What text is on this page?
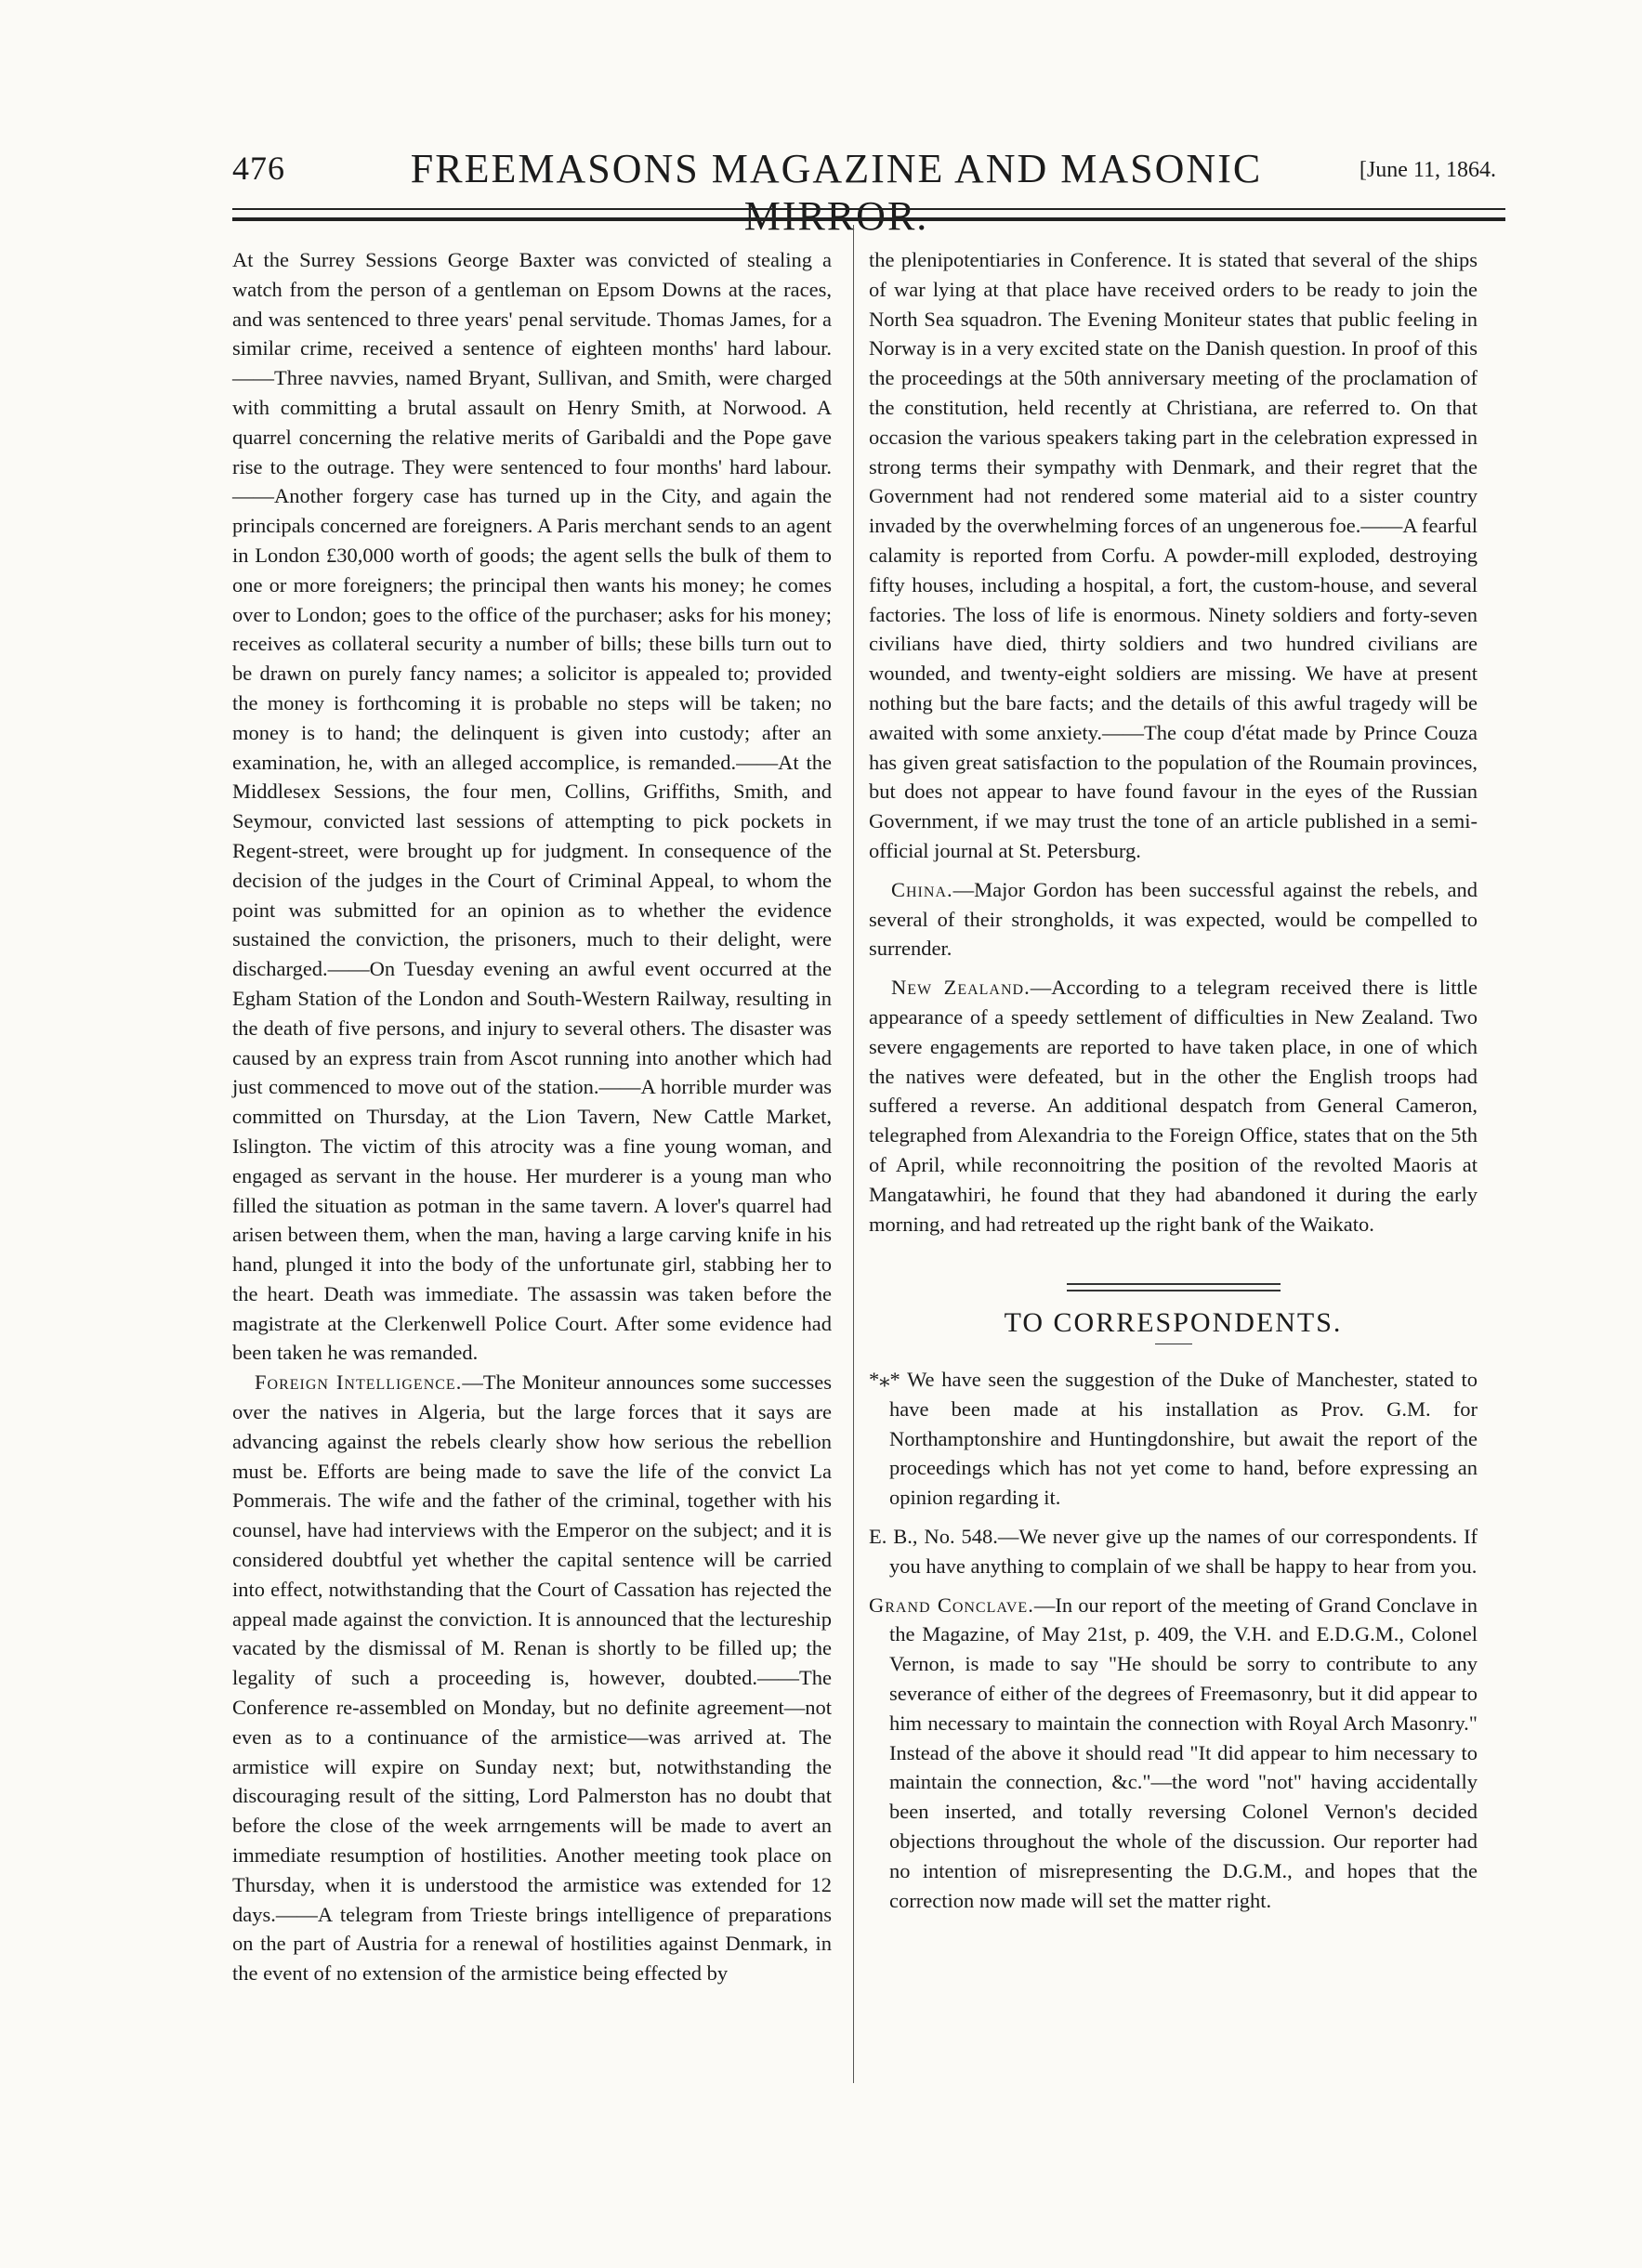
476	FREEMASONS MAGAZINE AND MASONIC MIRROR.
[June 11, 1864.

At the Surrey Sessions George Baxter was convicted of stealing a watch from the person of a gentleman on Epsom Downs at the races, and was sentenced to three years' penal servitude. Thomas James, for a similar crime, received a sentence of eighteen months' hard labour.——Three navvies, named Bryant, Sullivan, and Smith, were charged with committing a brutal assault on Henry Smith, at Norwood. A quarrel concerning the relative merits of Garibaldi and the Pope gave rise to the outrage. They were sentenced to four months' hard labour.——Another forgery case has turned up in the City, and again the principals concerned are foreigners. A Paris merchant sends to an agent in London £30,000 worth of goods; the agent sells the bulk of them to one or more foreigners; the principal then wants his money; he comes over to London; goes to the office of the purchaser; asks for his money; receives as collateral security a number of bills; these bills turn out to be drawn on purely fancy names; a solicitor is appealed to; provided the money is forthcoming it is probable no steps will be taken; no money is to hand; the delinquent is given into custody; after an examination, he, with an alleged accomplice, is remanded.——At the Middlesex Sessions, the four men, Collins, Griffiths, Smith, and Seymour, convicted last sessions of attempting to pick pockets in Regent-street, were brought up for judgment. In consequence of the decision of the judges in the Court of Criminal Appeal, to whom the point was submitted for an opinion as to whether the evidence sustained the conviction, the prisoners, much to their delight, were discharged.——On Tuesday evening an awful event occurred at the Egham Station of the London and South-Western Railway, resulting in the death of five persons, and injury to several others. The disaster was caused by an express train from Ascot running into another which had just commenced to move out of the station.——A horrible murder was committed on Thursday, at the Lion Tavern, New Cattle Market, Islington. The victim of this atrocity was a fine young woman, and engaged as servant in the house. Her murderer is a young man who filled the situation as potman in the same tavern. A lover's quarrel had arisen between them, when the man, having a large carving knife in his hand, plunged it into the body of the unfortunate girl, stabbing her to the heart. Death was immediate. The assassin was taken before the magistrate at the Clerkenwell Police Court. After some evidence had been taken he was remanded.

Foreign Intelligence.—The Moniteur announces some successes over the natives in Algeria, but the large forces that it says are advancing against the rebels clearly show how serious the rebellion must be. Efforts are being made to save the life of the convict La Pommerais. The wife and the father of the criminal, together with his counsel, have had interviews with the Emperor on the subject; and it is considered doubtful yet whether the capital sentence will be carried into effect, notwithstanding that the Court of Cassation has rejected the appeal made against the conviction. It is announced that the lectureship vacated by the dismissal of M. Renan is shortly to be filled up; the legality of such a proceeding is, however, doubted.——The Conference re-assembled on Monday, but no definite agreement—not even as to a continuance of the armistice—was arrived at. The armistice will expire on Sunday next; but, notwithstanding the discouraging result of the sitting, Lord Palmerston has no doubt that before the close of the week arrngements will be made to avert an immediate resumption of hostilities. Another meeting took place on Thursday, when it is understood the armistice was extended for 12 days.——A telegram from Trieste brings intelligence of preparations on the part of Austria for a renewal of hostilities against Denmark, in the event of no extension of the armistice being effected by

the plenipotentiaries in Conference. It is stated that several of the ships of war lying at that place have received orders to be ready to join the North Sea squadron. The Evening Moniteur states that public feeling in Norway is in a very excited state on the Danish question. In proof of this the proceedings at the 50th anniversary meeting of the proclamation of the constitution, held recently at Christiana, are referred to. On that occasion the various speakers taking part in the celebration expressed in strong terms their sympathy with Denmark, and their regret that the Government had not rendered some material aid to a sister country invaded by the overwhelming forces of an ungenerous foe.——A fearful calamity is reported from Corfu. A powder-mill exploded, destroying fifty houses, including a hospital, a fort, the custom-house, and several factories. The loss of life is enormous. Ninety soldiers and forty-seven civilians have died, thirty soldiers and two hundred civilians are wounded, and twenty-eight soldiers are missing. We have at present nothing but the bare facts; and the details of this awful tragedy will be awaited with some anxiety.——The coup d'état made by Prince Couza has given great satisfaction to the population of the Roumain provinces, but does not appear to have found favour in the eyes of the Russian Government, if we may trust the tone of an article published in a semi-official journal at St. Petersburg.

China.—Major Gordon has been successful against the rebels, and several of their strongholds, it was expected, would be compelled to surrender.

New Zealand.—According to a telegram received there is little appearance of a speedy settlement of difficulties in New Zealand. Two severe engagements are reported to have taken place, in one of which the natives were defeated, but in the other the English troops had suffered a reverse. An additional despatch from General Cameron, telegraphed from Alexandria to the Foreign Office, states that on the 5th of April, while reconnoitring the position of the revolted Maoris at Mangatawhiri, he found that they had abandoned it during the early morning, and had retreated up the right bank of the Waikato.

TO CORRESPONDENTS.

*⁎* We have seen the suggestion of the Duke of Manchester, stated to have been made at his installation as Prov. G.M. for Northamptonshire and Huntingdonshire, but await the report of the proceedings which has not yet come to hand, before expressing an opinion regarding it.

E. B., No. 548.—We never give up the names of our correspondents. If you have anything to complain of we shall be happy to hear from you.

Grand Conclave.—In our report of the meeting of Grand Conclave in the Magazine, of May 21st, p. 409, the V.H. and E.D.G.M., Colonel Vernon, is made to say "He should be sorry to contribute to any severance of either of the degrees of Freemasonry, but it did appear to him necessary to maintain the connection with Royal Arch Masonry." Instead of the above it should read "It did appear to him necessary to maintain the connection, &c."—the word "not" having accidentally been inserted, and totally reversing Colonel Vernon's decided objections throughout the whole of the discussion. Our reporter had no intention of misrepresenting the D.G.M., and hopes that the correction now made will set the matter right.
